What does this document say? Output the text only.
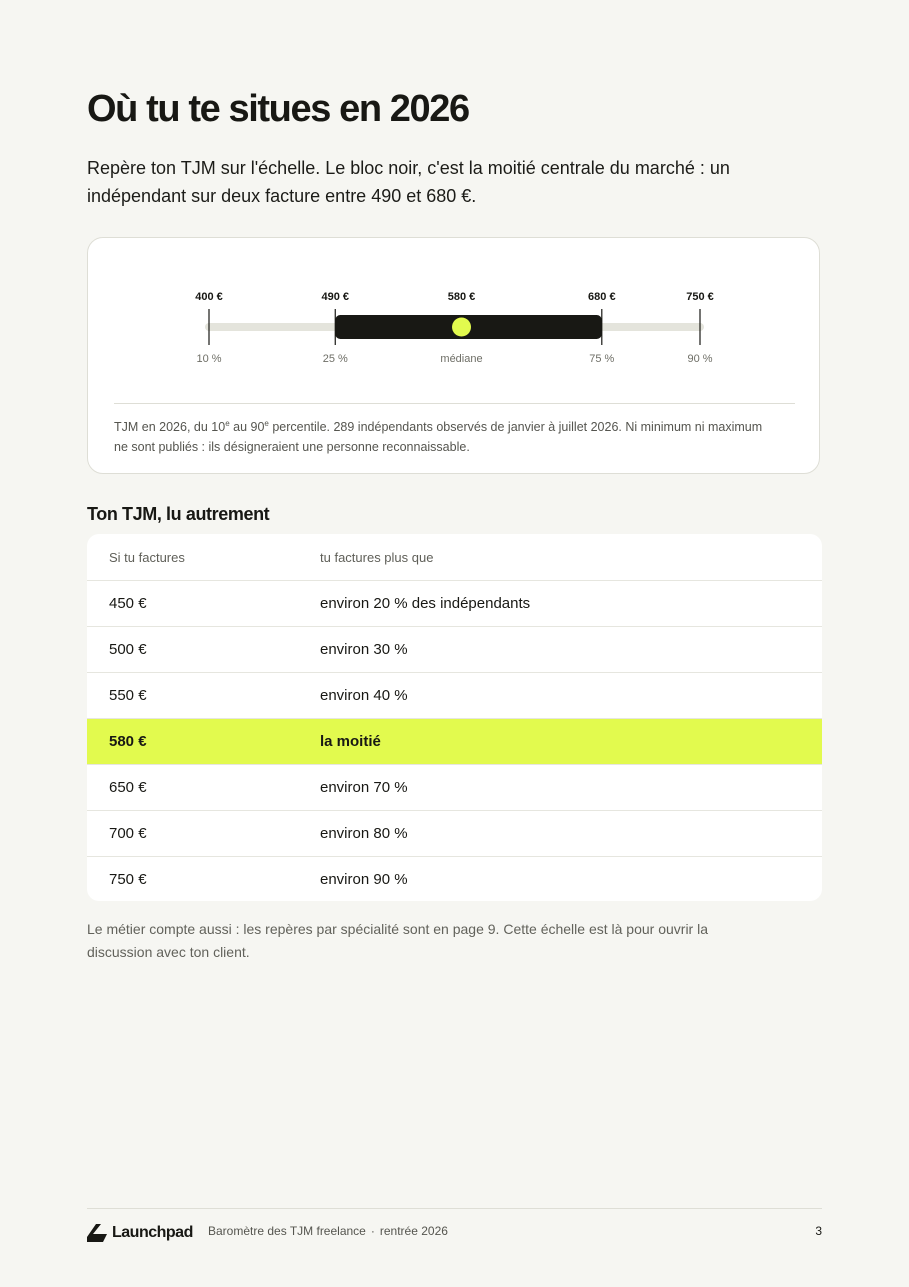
Où tu te situes en 2026

Repère ton TJM sur l'échelle. Le bloc noir, c'est la moitié centrale du marché : un indépendant sur deux facture entre 490 et 680 €.

400 €
10 %
490 €
25 %
580 €
médiane
680 €
75 %
750 €
90 %

TJM en 2026, du 10e au 90e percentile. 289 indépendants observés de janvier à juillet 2026. Ni minimum ni maximum ne sont publiés : ils désigneraient une personne reconnaissable.

Ton TJM, lu autrement
Si tu factures	tu factures plus que
450 €	environ 20 % des indépendants
500 €	environ 30 %
550 €	environ 40 %
580 €	la moitié
650 €	environ 70 %
700 €	environ 80 %
750 €	environ 90 %

Le métier compte aussi : les repères par spécialité sont en page 9. Cette échelle est là pour ouvrir la discussion avec ton client.

Launchpad Baromètre des TJM freelance · rentrée 2026	3
